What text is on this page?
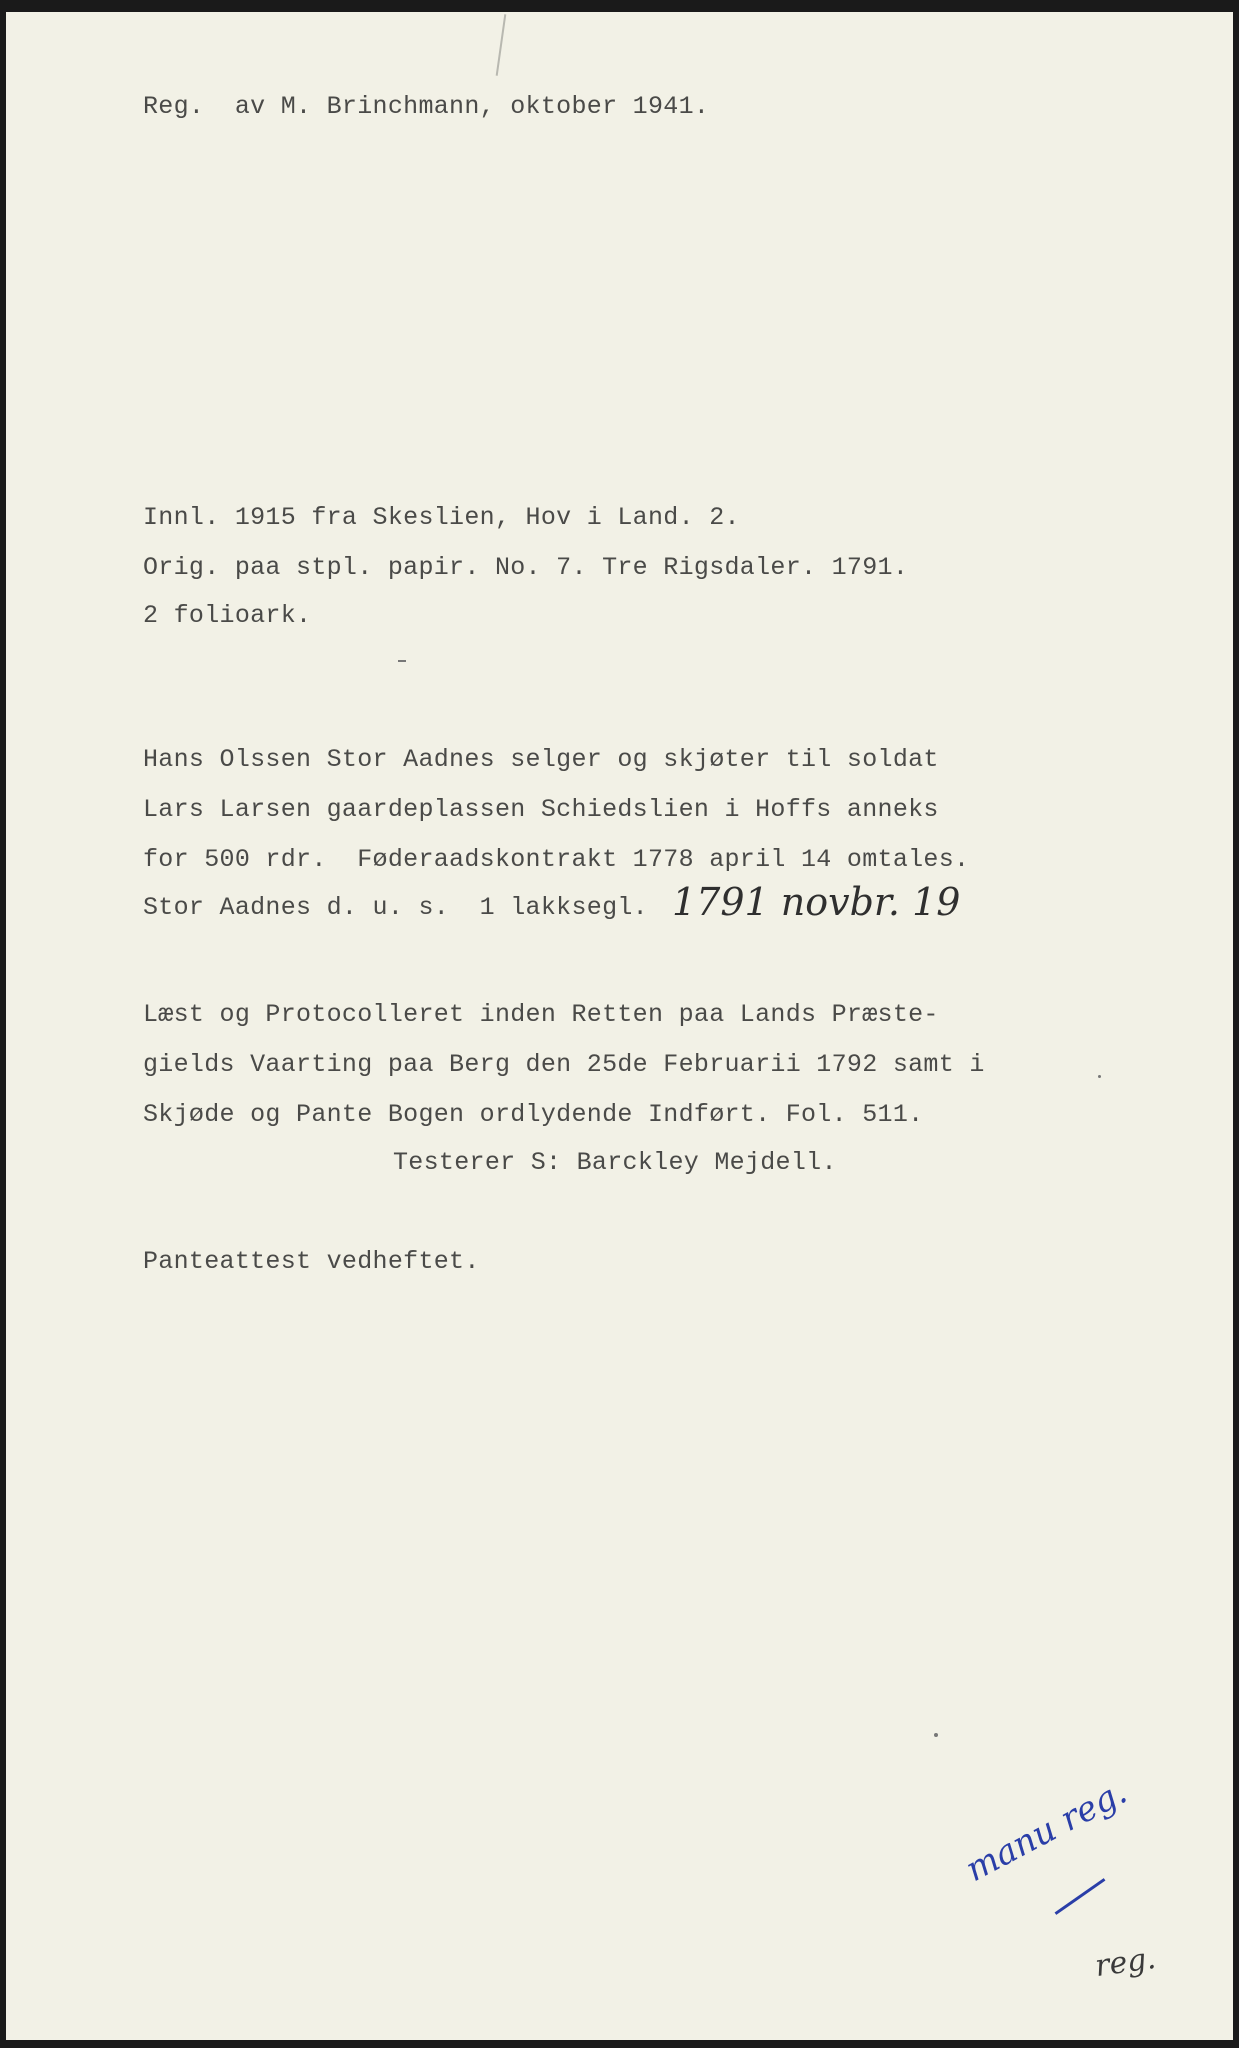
Reg.  av M. Brinchmann, oktober 1941.
Innl. 1915 fra Skeslien, Hov i Land. 2.
Orig. paa stpl. papir. No. 7. Tre Rigsdaler. 1791.
2 folioark.
Hans Olssen Stor Aadnes selger og skjøter til soldat
Lars Larsen gaardeplassen Schiedslien i Hoffs anneks
for 500 rdr.  Føderaadskontrakt 1778 april 14 omtales.
Stor Aadnes d. u. s.  1 lakksegl. 1791 novbr. 19
Læst og Protocolleret inden Retten paa Lands Præste-
gields Vaarting paa Berg den 25de Februarii 1792 samt i
Skjøde og Pante Bogen ordlydende Indført. Fol. 511.
Testerer S: Barckley Mejdell.
Panteattest vedheftet.
manu reg.
reg.
